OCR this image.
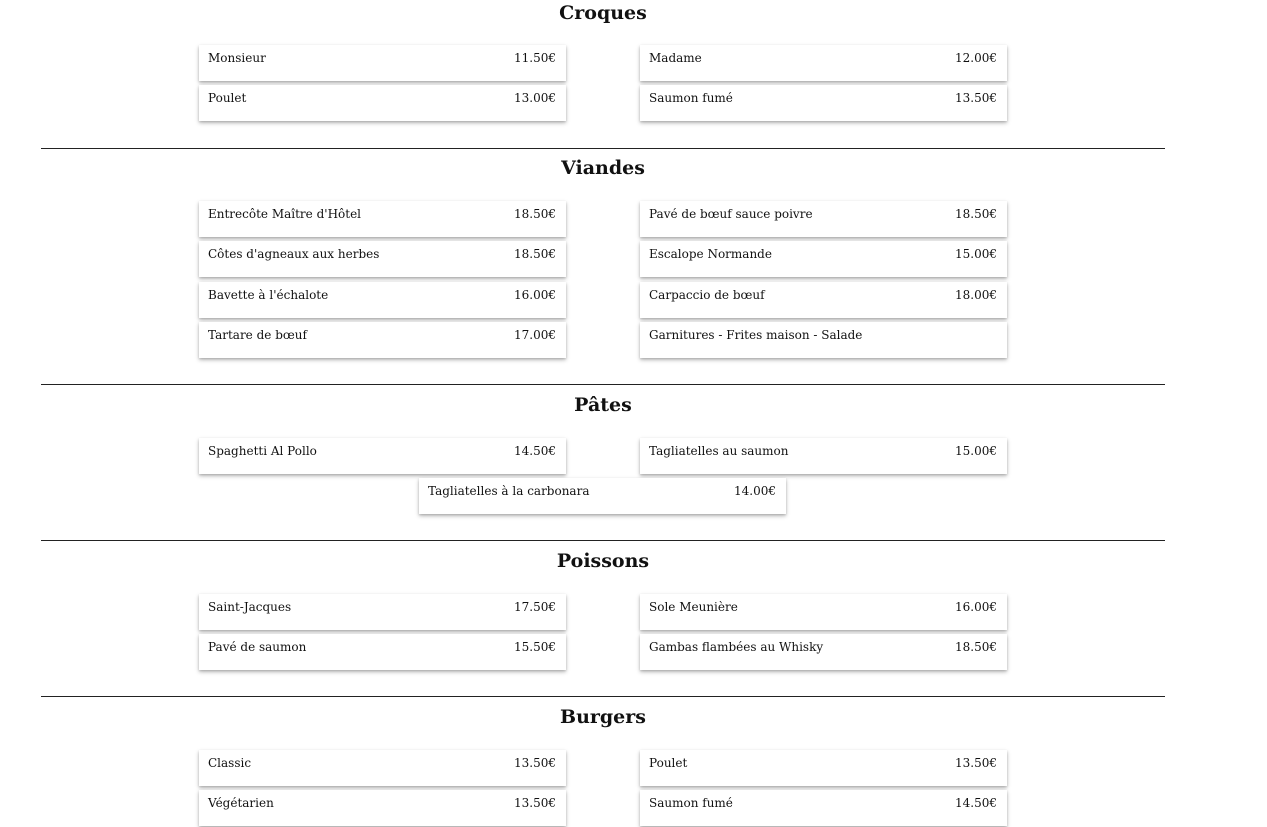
Croques
Monsieur	11.50€	Madame	12.00€
Poulet	13.00€	Saumon fumé	13.50€
Viandes
Entrecôte Maître d'Hôtel	18.50€	Pavé de bœuf sauce poivre	18.50€
Côtes d'agneaux aux herbes	18.50€	Escalope Normande	15.00€
Bavette à l'échalote	16.00€	Carpaccio de bœuf	18.00€
Tartare de bœuf	17.00€	Garnitures - Frites maison - Salade
Pâtes
Spaghetti Al Pollo	14.50€	Tagliatelles au saumon	15.00€
Tagliatelles à la carbonara	14.00€
Poissons
Saint-Jacques	17.50€	Sole Meunière	16.00€
Pavé de saumon	15.50€	Gambas flambées au Whisky	18.50€
Burgers
Classic	13.50€	Poulet	13.50€
Végétarien	13.50€	Saumon fumé	14.50€
